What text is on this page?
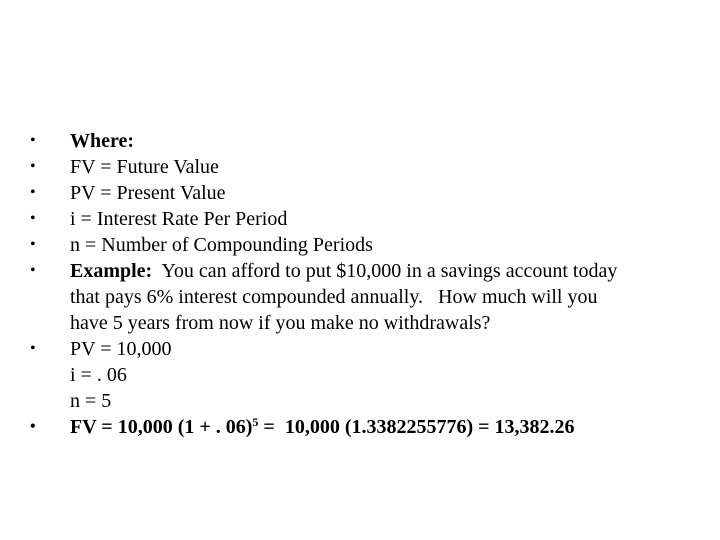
•	Where:
•	FV = Future Value
•	PV = Present Value
•	i = Interest Rate Per Period
•	n = Number of Compounding Periods
•	Example:  You can afford to put $10,000 in a savings account today
that pays 6% interest compounded annually.   How much will you
have 5 years from now if you make no withdrawals?
•	PV = 10,000
i = . 06
n = 5
•	FV = 10,000 (1 + . 06)$^5$ =  10,000 (1.3382255776) = 13,382.26
